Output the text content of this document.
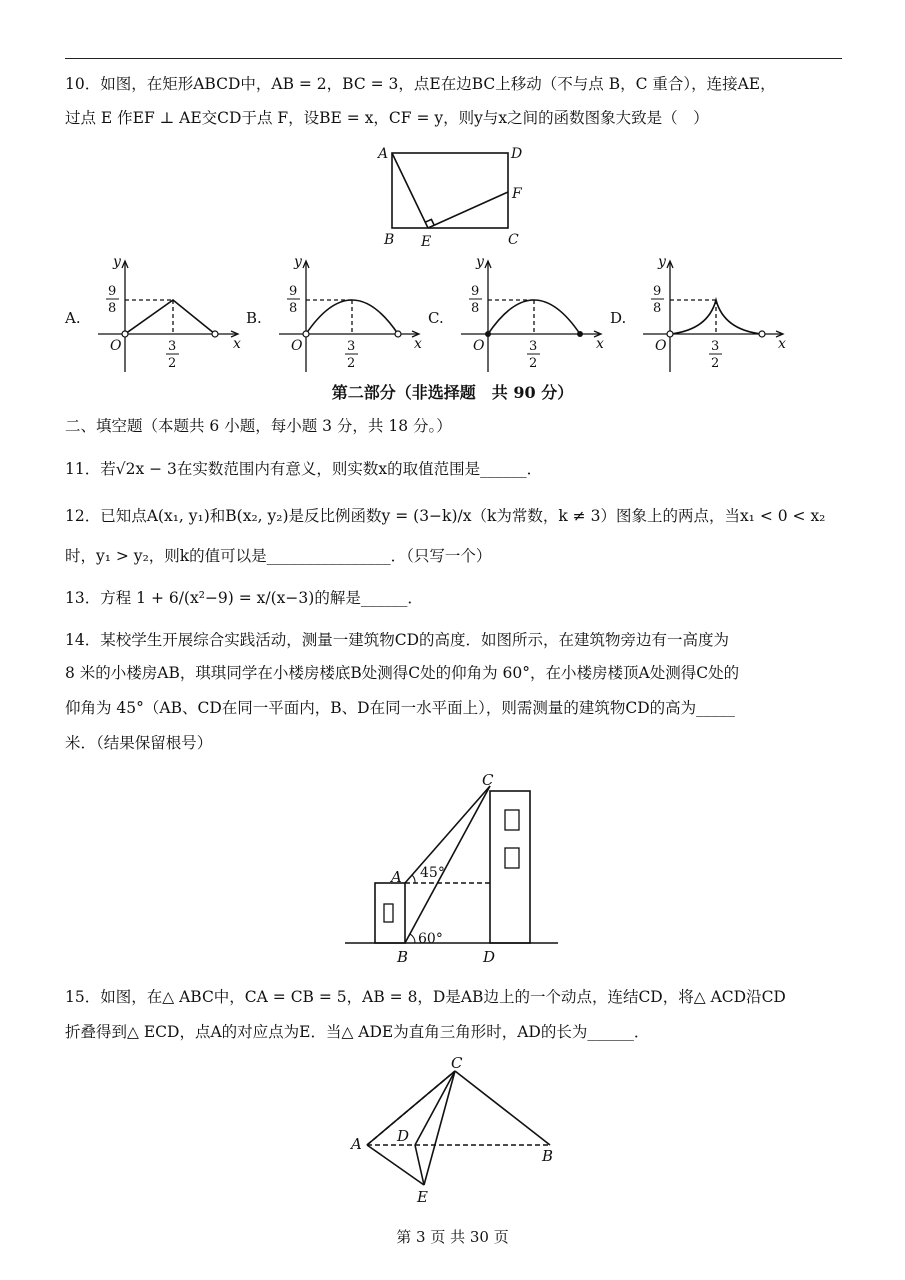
10．如图，在矩形ABCD中，AB = 2，BC = 3，点E在边BC上移动（不与点 B，C 重合），连接AE，
过点 E 作EF ⊥ AE交CD于点 F，设BE = x，CF = y，则y与x之间的函数图象大致是（　）
A	D
F
B E	C
A.
y
x
O
9
8
3
2
B.
y
x
O
9
8
3
2
C.
y
x
O
9
8
3
2
D.
y
x
O
9
8
3
2
第二部分（非选择题　共 90 分）
二、填空题（本题共 6 小题，每小题 3 分，共 18 分。）
11．若√2x − 3在实数范围内有意义，则实数x的取值范围是______．
12．已知点A(x₁, y₁)和B(x₂, y₂)是反比例函数y = (3−k)/x（k为常数，k ≠ 3）图象上的两点，当x₁ < 0 < x₂
时，y₁ > y₂，则k的值可以是________________．（只写一个）
13．方程 1 + 6/(x²−9) = x/(x−3)的解是______．
14．某校学生开展综合实践活动，测量一建筑物CD的高度．如图所示，在建筑物旁边有一高度为
8 米的小楼房AB，琪琪同学在小楼房楼底B处测得C处的仰角为 60°，在小楼房楼顶A处测得C处的
仰角为 45°（AB、CD在同一平面内，B、D在同一水平面上），则需测量的建筑物CD的高为_____
米．（结果保留根号）
C
A 45°
60°
B	D
15．如图，在△ ABC中，CA = CB = 5，AB = 8，D是AB边上的一个动点，连结CD，将△ ACD沿CD
折叠得到△ ECD，点A的对应点为E．当△ ADE为直角三角形时，AD的长为______．
C
A D
B
E
第 3 页 共 30 页
